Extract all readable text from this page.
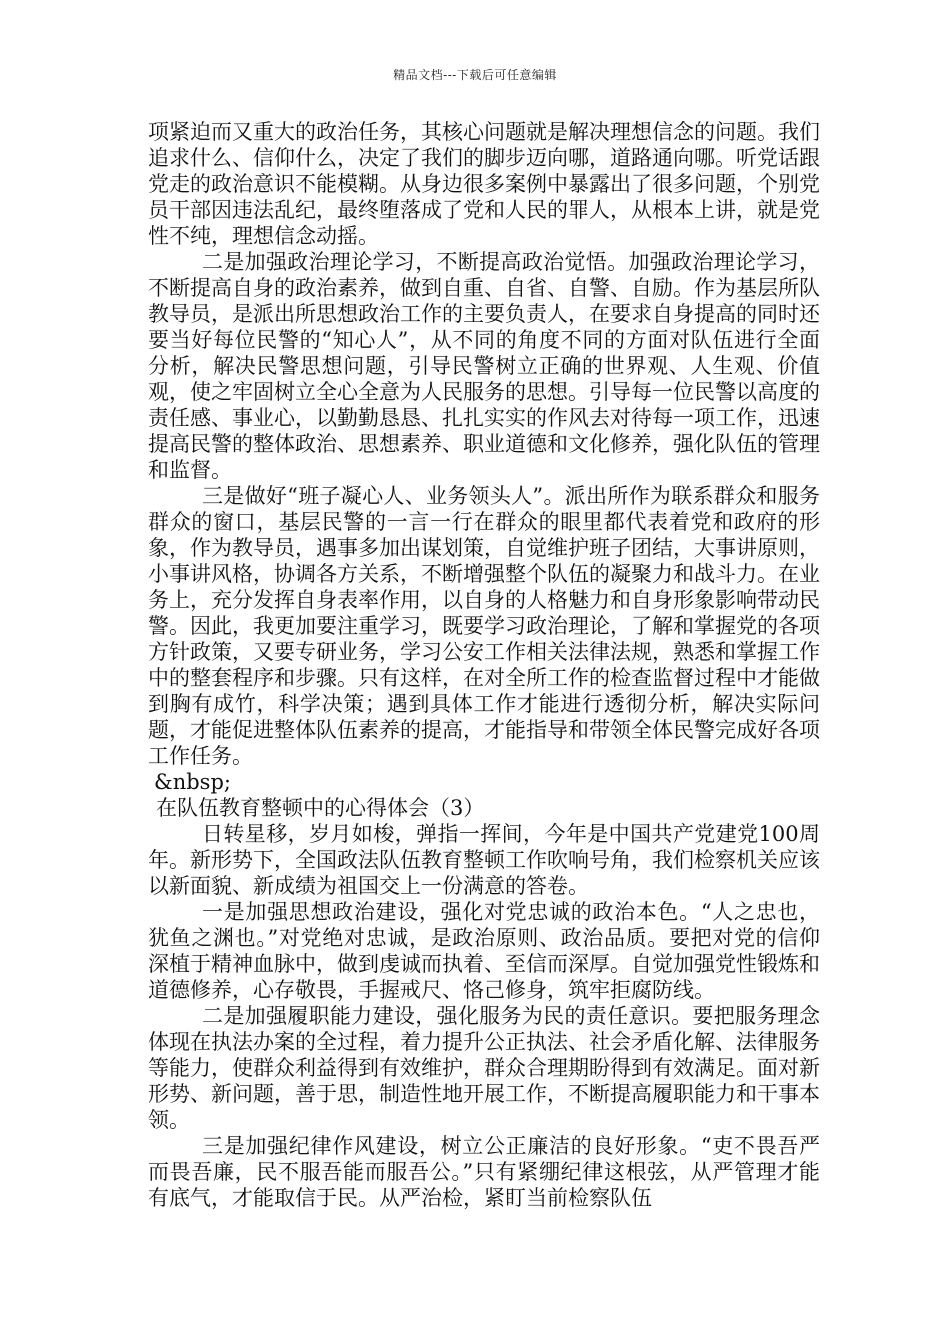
精品文档---下载后可任意编辑

项紧迫而又重大的政治任务，其核心问题就是解决理想信念的问题。我们追求什么、信仰什么，决定了我们的脚步迈向哪，道路通向哪。听党话跟党走的政治意识不能模糊。从身边很多案例中暴露出了很多问题，个别党员干部因违法乱纪，最终堕落成了党和人民的罪人，从根本上讲，就是党性不纯，理想信念动摇。

二是加强政治理论学习，不断提高政治觉悟。加强政治理论学习，不断提高自身的政治素养，做到自重、自省、自警、自励。作为基层所队教导员，是派出所思想政治工作的主要负责人，在要求自身提高的同时还要当好每位民警的“知心人”，从不同的角度不同的方面对队伍进行全面分析，解决民警思想问题，引导民警树立正确的世界观、人生观、价值观，使之牢固树立全心全意为人民服务的思想。引导每一位民警以高度的责任感、事业心，以勤勤恳恳、扎扎实实的作风去对待每一项工作，迅速提高民警的整体政治、思想素养、职业道德和文化修养，强化队伍的管理和监督。

三是做好“班子凝心人、业务领头人”。派出所作为联系群众和服务群众的窗口，基层民警的一言一行在群众的眼里都代表着党和政府的形象，作为教导员，遇事多加出谋划策，自觉维护班子团结，大事讲原则，小事讲风格，协调各方关系，不断增强整个队伍的凝聚力和战斗力。在业务上，充分发挥自身表率作用，以自身的人格魅力和自身形象影响带动民警。因此，我更加要注重学习，既要学习政治理论，了解和掌握党的各项方针政策，又要专研业务，学习公安工作相关法律法规，熟悉和掌握工作中的整套程序和步骤。只有这样，在对全所工作的检查监督过程中才能做到胸有成竹，科学决策；遇到具体工作才能进行透彻分析，解决实际问题，才能促进整体队伍素养的提高，才能指导和带领全体民警完成好各项工作任务。

&nbsp;

在队伍教育整顿中的心得体会（3）

日转星移，岁月如梭，弹指一挥间，今年是中国共产党建党100周年。新形势下，全国政法队伍教育整顿工作吹响号角，我们检察机关应该以新面貌、新成绩为祖国交上一份满意的答卷。

一是加强思想政治建设，强化对党忠诚的政治本色。“人之忠也，犹鱼之渊也。”对党绝对忠诚，是政治原则、政治品质。要把对党的信仰深植于精神血脉中，做到虔诚而执着、至信而深厚。自觉加强党性锻炼和道德修养，心存敬畏，手握戒尺、恪己修身，筑牢拒腐防线。

二是加强履职能力建设，强化服务为民的责任意识。要把服务理念体现在执法办案的全过程，着力提升公正执法、社会矛盾化解、法律服务等能力，使群众利益得到有效维护，群众合理期盼得到有效满足。面对新形势、新问题，善于思，制造性地开展工作，不断提高履职能力和干事本领。

三是加强纪律作风建设，树立公正廉洁的良好形象。“吏不畏吾严而畏吾廉，民不服吾能而服吾公。”只有紧绷纪律这根弦，从严管理才能有底气，才能取信于民。从严治检，紧盯当前检察队伍
